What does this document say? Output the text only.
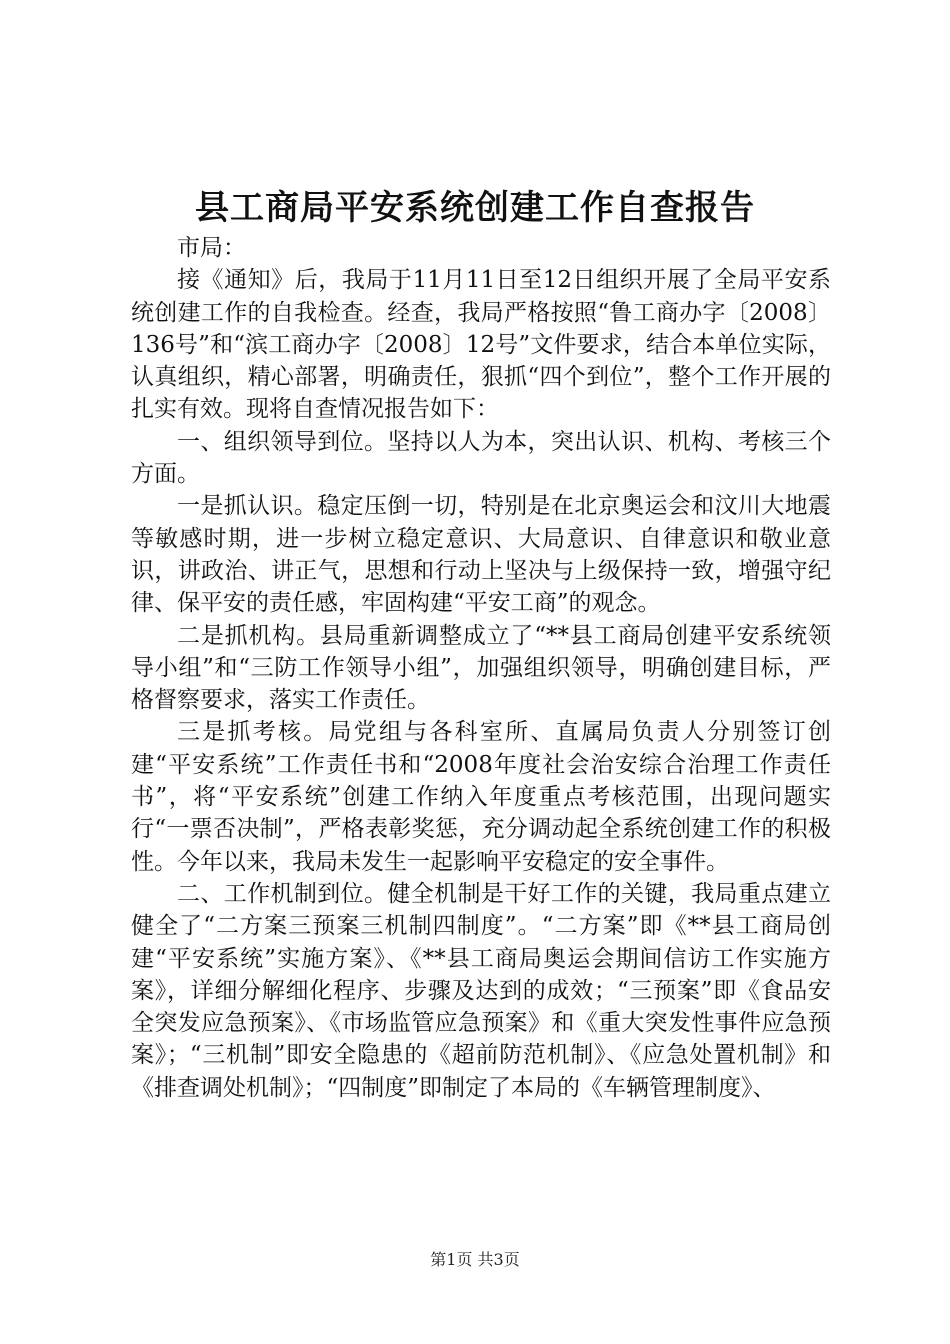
县工商局平安系统创建工作自查报告

市局：

接《通知》后，我局于11月11日至12日组织开展了全局平安系统创建工作的自我检查。经查，我局严格按照“鲁工商办字〔2008〕136号”和“滨工商办字〔2008〕12号”文件要求，结合本单位实际，认真组织，精心部署，明确责任，狠抓“四个到位”，整个工作开展的扎实有效。现将自查情况报告如下：

一、组织领导到位。坚持以人为本，突出认识、机构、考核三个方面。

一是抓认识。稳定压倒一切，特别是在北京奥运会和汶川大地震等敏感时期，进一步树立稳定意识、大局意识、自律意识和敬业意识，讲政治、讲正气，思想和行动上坚决与上级保持一致，增强守纪律、保平安的责任感，牢固构建“平安工商”的观念。

二是抓机构。县局重新调整成立了“**县工商局创建平安系统领导小组”和“三防工作领导小组”，加强组织领导，明确创建目标，严格督察要求，落实工作责任。

三是抓考核。局党组与各科室所、直属局负责人分别签订创建“平安系统”工作责任书和“2008年度社会治安综合治理工作责任书”，将“平安系统”创建工作纳入年度重点考核范围，出现问题实行“一票否决制”，严格表彰奖惩，充分调动起全系统创建工作的积极性。今年以来，我局未发生一起影响平安稳定的安全事件。

二、工作机制到位。健全机制是干好工作的关键，我局重点建立健全了“二方案三预案三机制四制度”。“二方案”即《**县工商局创建“平安系统”实施方案》、《**县工商局奥运会期间信访工作实施方案》，详细分解细化程序、步骤及达到的成效；“三预案”即《食品安全突发应急预案》、《市场监管应急预案》和《重大突发性事件应急预案》；“三机制”即安全隐患的《超前防范机制》、《应急处置机制》和《排查调处机制》；“四制度”即制定了本局的《车辆管理制度》、

第1页 共3页
